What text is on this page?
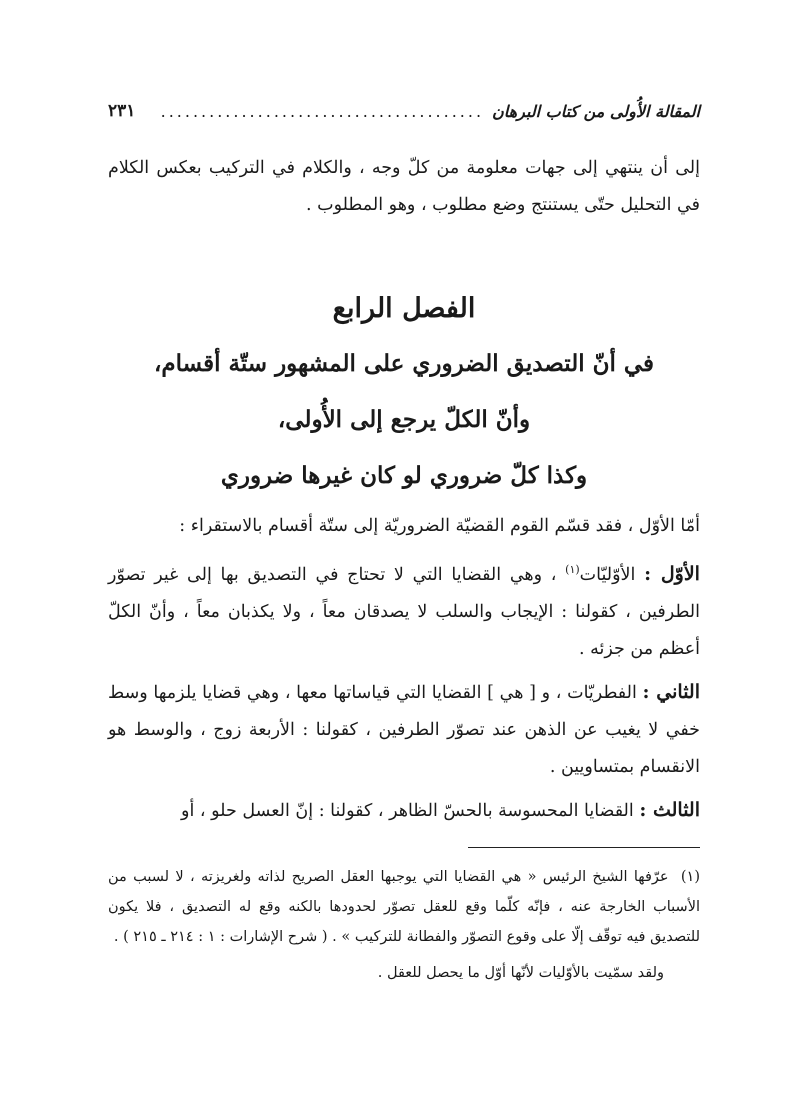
المقالة الأُولى من كتاب البرهان
........................................
٢٣١

إلى أن ينتهي إلى جهات معلومة من كلّ وجه ، والكلام في التركيب بعكس الكلام في التحليل حتّى يستنتج وضع مطلوب ، وهو المطلوب .

الفصل الرابع
في أنّ التصديق الضروري على المشهور ستّة أقسام،
وأنّ الكلّ يرجع إلى الأُولى،
وكذا كلّ ضروري لو كان غيرها ضروري

أمّا الأوّل ، فقد قسّم القوم القضيّة الضروريّة إلى ستّة أقسام بالاستقراء :

الأوّل : الأوّليّات$^{(١)}$ ، وهي القضايا التي لا تحتاج في التصديق بها إلى غير تصوّر الطرفين ، كقولنا : الإيجاب والسلب لا يصدقان معاً ، ولا يكذبان معاً ، وأنّ الكلّ أعظم من جزئه .

الثاني : الفطريّات ، و [ هي ] القضايا التي قياساتها معها ، وهي قضايا يلزمها وسط خفي لا يغيب عن الذهن عند تصوّر الطرفين ، كقولنا : الأربعة زوج ، والوسط هو الانقسام بمتساويين .

الثالث : القضايا المحسوسة بالحسّ الظاهر ، كقولنا : إنّ العسل حلو ، أو

(١) عرّفها الشيخ الرئيس « هي القضايا التي يوجبها العقل الصريح لذاته ولغريزته ، لا لسبب من الأسباب الخارجة عنه ، فإنّه كلّما وقع للعقل تصوّر لحدودها بالكنه وقع له التصديق ، فلا يكون للتصديق فيه توقّف إلّا على وقوع التصوّر والفطانة للتركيب » . ( شرح الإشارات : ١ : ٢١٤ ـ ٢١٥ ) .

ولقد سمّيت بالأوّليات لأنّها أوّل ما يحصل للعقل .
